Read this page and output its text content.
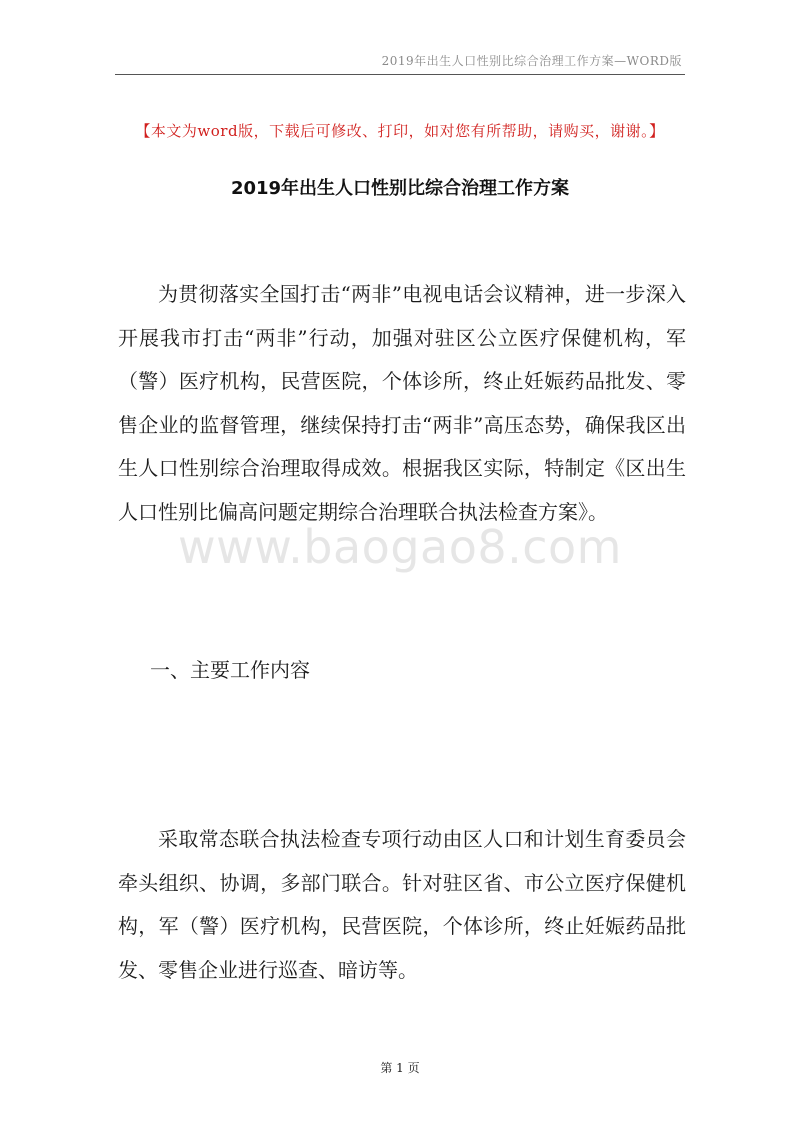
2019年出生人口性别比综合治理工作方案—WORD版
【本文为word版，下载后可修改、打印，如对您有所帮助，请购买，谢谢。】
2019年出生人口性别比综合治理工作方案

为贯彻落实全国打击“两非”电视电话会议精神，进一步深入开展我市打击“两非”行动，加强对驻区公立医疗保健机构，军（警）医疗机构，民营医院，个体诊所，终止妊娠药品批发、零售企业的监督管理，继续保持打击“两非”高压态势，确保我区出生人口性别综合治理取得成效。根据我区实际，特制定《区出生人口性别比偏高问题定期综合治理联合执法检查方案》。

www.baogao8.com
一、主要工作内容

采取常态联合执法检查专项行动由区人口和计划生育委员会牵头组织、协调，多部门联合。针对驻区省、市公立医疗保健机构，军（警）医疗机构，民营医院，个体诊所，终止妊娠药品批发、零售企业进行巡查、暗访等。

第 1 页
